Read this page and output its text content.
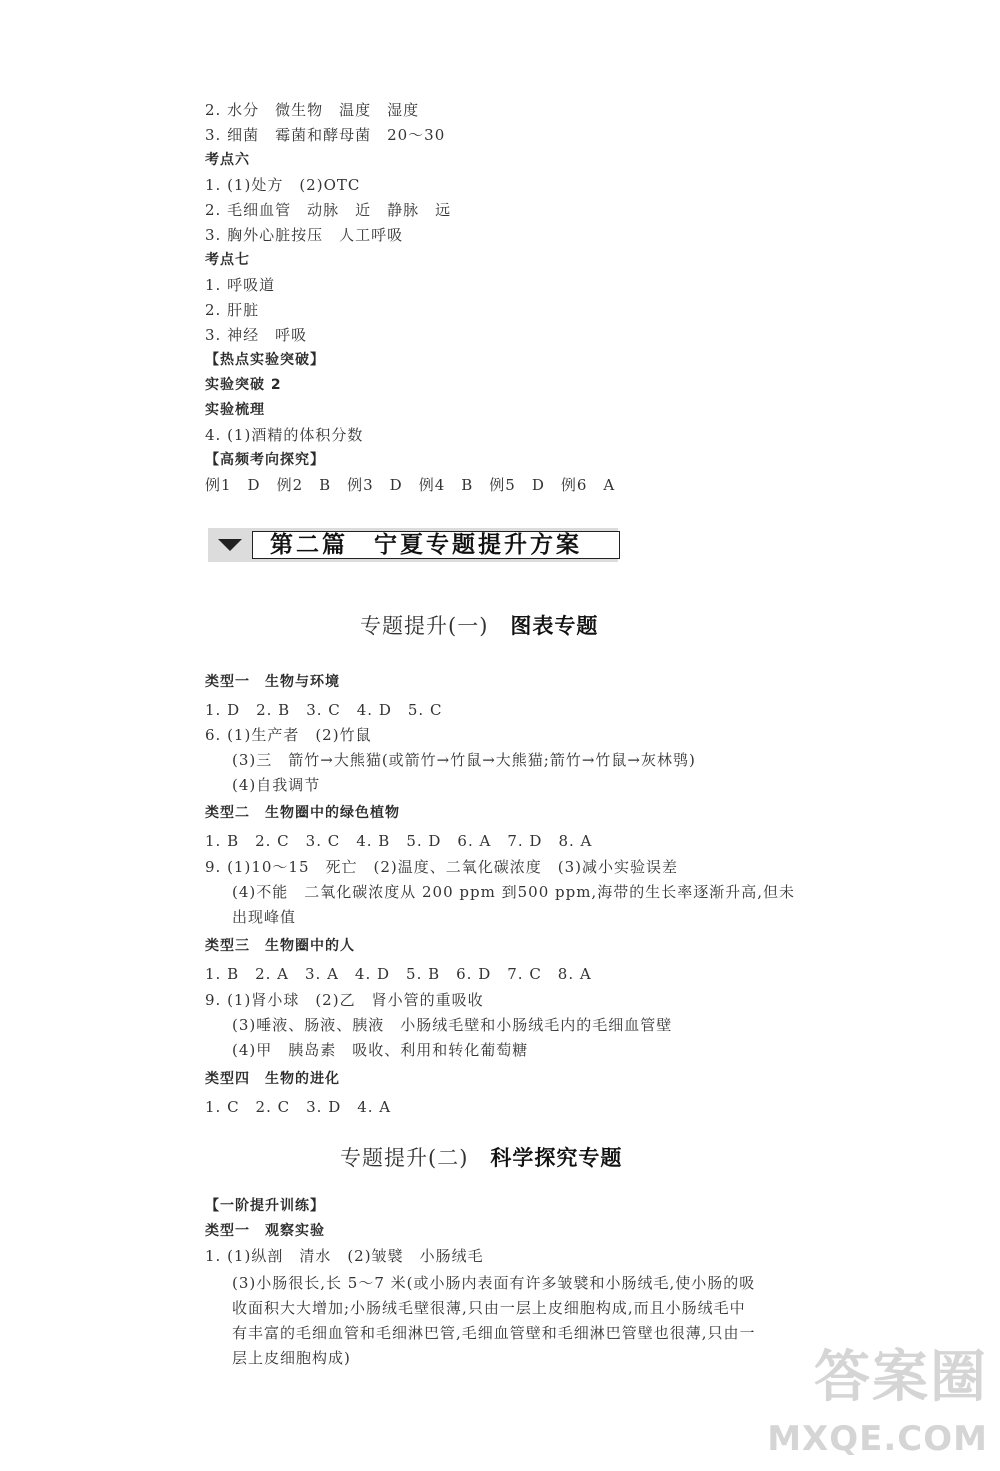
2. 水分　微生物　温度　湿度
3. 细菌　霉菌和酵母菌　20～30
考点六
1. (1)处方　(2)OTC
2. 毛细血管　动脉　近　静脉　远
3. 胸外心脏按压　人工呼吸
考点七
1. 呼吸道
2. 肝脏
3. 神经　呼吸
【热点实验突破】
实验突破 2
实验梳理
4. (1)酒精的体积分数
【高频考向探究】
例1　D　例2　B　例3　D　例4　B　例5　D　例6　A
第二篇　宁夏专题提升方案
专题提升(一) 图表专题
类型一　生物与环境
1. D　2. B　3. C　4. D　5. C
6. (1)生产者　(2)竹鼠
(3)三　箭竹→大熊猫(或箭竹→竹鼠→大熊猫;箭竹→竹鼠→灰林鸮)
(4)自我调节
类型二　生物圈中的绿色植物
1. B　2. C　3. C　4. B　5. D　6. A　7. D　8. A
9. (1)10～15　死亡　(2)温度、二氧化碳浓度　(3)减小实验误差
(4)不能　二氧化碳浓度从 200 ppm 到500 ppm,海带的生长率逐渐升高,但未
出现峰值
类型三　生物圈中的人
1. B　2. A　3. A　4. D　5. B　6. D　7. C　8. A
9. (1)肾小球　(2)乙　肾小管的重吸收
(3)唾液、肠液、胰液　小肠绒毛壁和小肠绒毛内的毛细血管壁
(4)甲　胰岛素　吸收、利用和转化葡萄糖
类型四　生物的进化
1. C　2. C　3. D　4. A
专题提升(二) 科学探究专题
【一阶提升训练】
类型一　观察实验
1. (1)纵剖　清水　(2)皱襞　小肠绒毛
(3)小肠很长,长 5～7 米(或小肠内表面有许多皱襞和小肠绒毛,使小肠的吸
收面积大大增加;小肠绒毛壁很薄,只由一层上皮细胞构成,而且小肠绒毛中
有丰富的毛细血管和毛细淋巴管,毛细血管壁和毛细淋巴管壁也很薄,只由一
层上皮细胞构成)	答案圈
MXQE.COM
